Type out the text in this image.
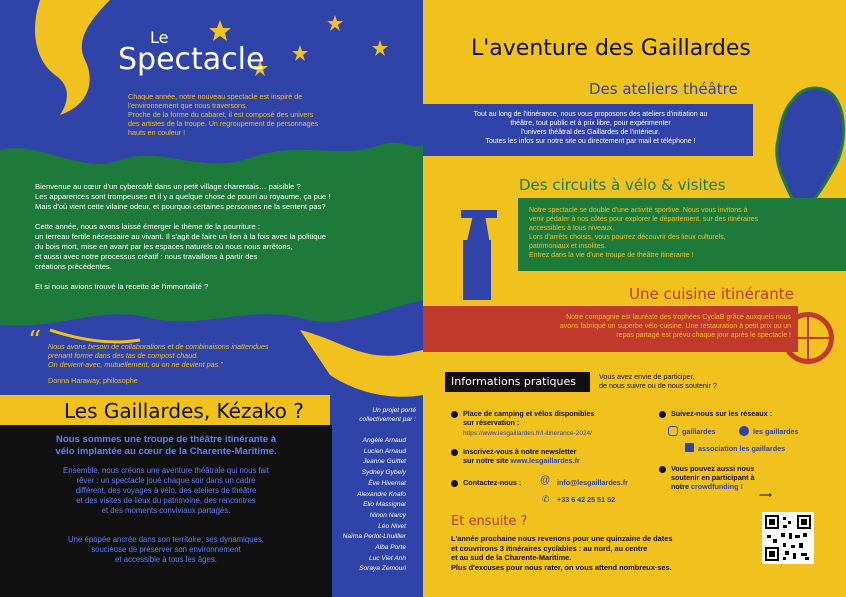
Le
Spectacle
Chaque année, notre nouveau spectacle est inspiré de
l'environnement que nous traversons.
Proche de la forme du cabaret, il est composé des univers
des artistes de la troupe. Un regroupement de personnages
hauts en couleur !
Bienvenue au cœur d'un cybercafé dans un petit village charentais… paisible ?
Les apparences sont trompeuses et il y a quelque chose de pourri au royaume, ça pue !
Mais d'où vient cette vilaine odeur, et pourquoi certaines personnes ne la sentent pas?
Cette année, nous avons laissé émerger le thème de la pourriture :
un terreau fertile nécessaire au vivant. Il s'agit de faire un lien à la fois avec la politique
du bois mort, mise en avant par les espaces naturels où nous nous arrêtons,
et aussi avec notre processus créatif : nous travaillons à partir des
créations précédentes.
Et si nous avions trouvé la recette de l'immortalité ?
“ Nous avons besoin de collaborations et de combinaisons inattendues
prenant forme dans des tas de compost chaud.
On devient-avec, mutuellement, ou on ne devient pas."
Donna Haraway, philosophe
Les Gaillardes, Kézako ?
Nous sommes une troupe de théâtre itinérante à
vélo implantée au cœur de la Charente-Maritime.
Ensemble, nous créons une aventure théâtrale qui nous fait
rêver : un spectacle joué chaque soir dans un cadre
différent, des voyages à vélo, des ateliers de théâtre
et des visites de lieux du patrimoine, des rencontres
et des moments conviviaux partagés.
Une épopée ancrée dans son territoire, ses dynamiques,
soucieuse de préserver son environnement
et accessible à tous les âges.
Un projet porté
collectivement par :
Angèle Arnaud
Lucien Arnaud
Jeanne Guittet
Sydney Gybely
Ève Hivernat
Alexandre Knafo
Elio Massignat
Ninon Narcy
Léo Nivet
Naïma Perlot-Lhuillier
Alba Porte
Luc Viet Anh
Soraya Zemouri
L'aventure des Gaillardes
Des ateliers théâtre
Tout au long de l'itinérance, nous vous proposons des ateliers d'initiation au
théâtre, tout public et à prix libre, pour expérimenter
l'univers théâtral des Gaillardes de l'intérieur.
Toutes les infos sur notre site ou directement par mail et téléphone !
Des circuits à vélo & visites
Notre spectacle se double d'une activité sportive. Nous vous invitons à
venir pédaler à nos côtés pour explorer le département, sur des itinéraires
accessibles à tous niveaux.
Lors d'arrêts choisis, vous pourrez découvrir des lieux culturels,
patrimoniaux et insolites.
Entrez dans la vie d'une troupe de théâtre itinérante !
Une cuisine itinérante
Notre compagnie est lauréate des trophées CyclaB grâce auxquels nous
avons fabriqué un superbe vélo-cuisine. Une restauration à petit prix ou un
repas partagé est prévu chaque jour après le spectacle !
Informations pratiques	Vous avez envie de participer,
de nous suivre ou de nous soutenir ?
Place de camping et vélos disponibles
sur réservation :
https://www.lesgaillardes.fr/l-itinerance-2024/
Inscrivez-vous à notre newsletter
sur notre site www.lesgaillardes.fr
Contactez-nous : @ info@lesgaillardes.fr
✆ +33 6 42 25 51 52
Suivez-nous sur les réseaux :
gaillardes	les gaillardes
association les gaillardes
Vous pouvez aussi nous
soutenir en participant à
notre crowdfunding !
⟶
Et ensuite ?
L'année prochaine nous revenons pour une quinzaine de dates
et couvrirons 3 itinéraires cyclables : au nord, au centre
et au sud de la Charente-Maritime.
Plus d'excuses pour nous rater, on vous attend nombreux·ses.
